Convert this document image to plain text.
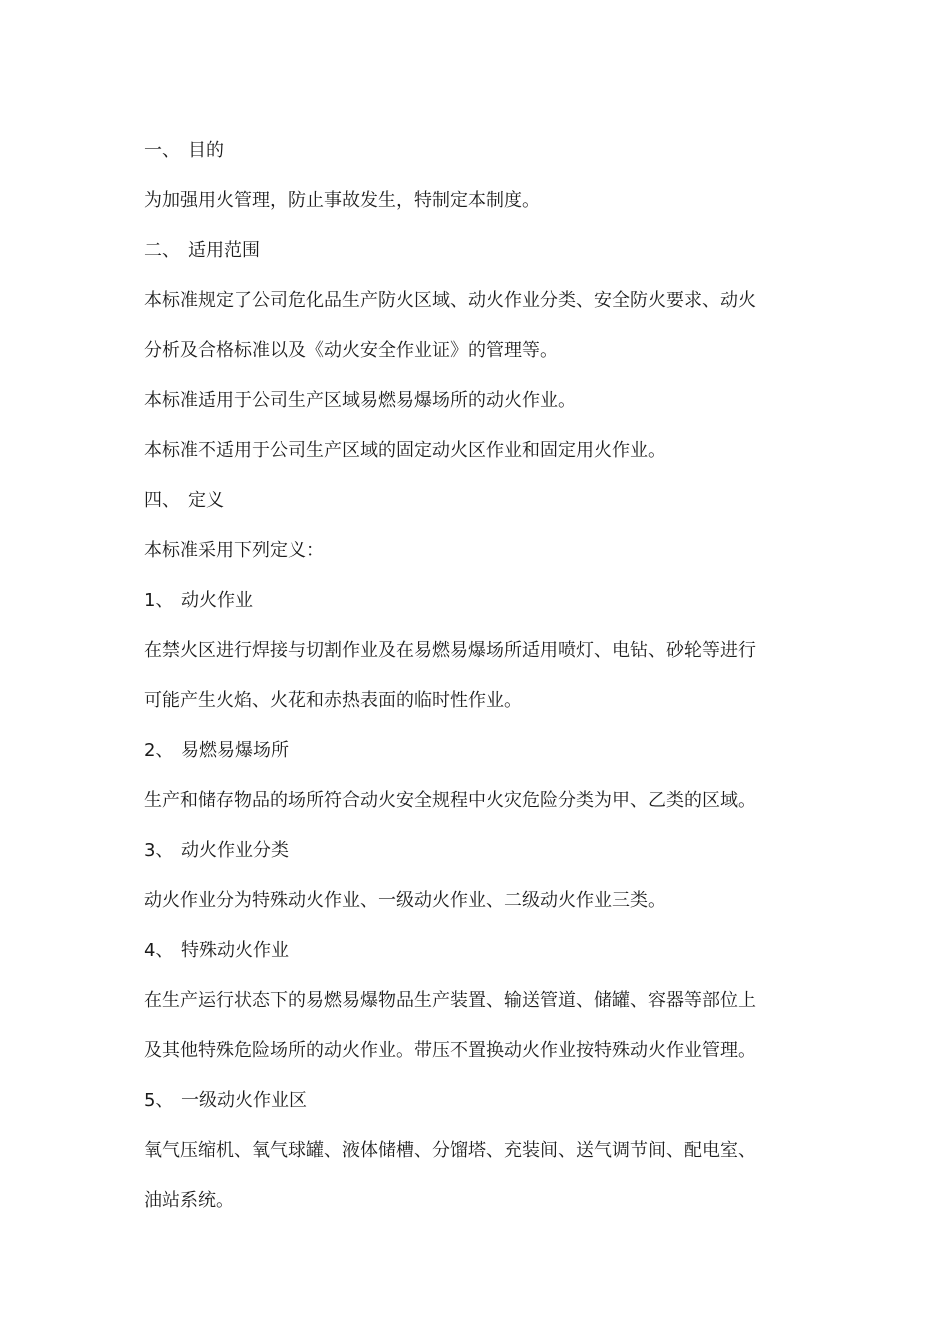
一、 目的
为加强用火管理，防止事故发生，特制定本制度。
二、 适用范围
本标准规定了公司危化品生产防火区域、动火作业分类、安全防火要求、动火
分析及合格标准以及《动火安全作业证》的管理等。
本标准适用于公司生产区域易燃易爆场所的动火作业。
本标准不适用于公司生产区域的固定动火区作业和固定用火作业。
四、 定义
本标准采用下列定义：
1、 动火作业
在禁火区进行焊接与切割作业及在易燃易爆场所适用喷灯、电钻、砂轮等进行
可能产生火焰、火花和赤热表面的临时性作业。
2、 易燃易爆场所
生产和储存物品的场所符合动火安全规程中火灾危险分类为甲、乙类的区域。
3、 动火作业分类
动火作业分为特殊动火作业、一级动火作业、二级动火作业三类。
4、 特殊动火作业
在生产运行状态下的易燃易爆物品生产装置、输送管道、储罐、容器等部位上
及其他特殊危险场所的动火作业。带压不置换动火作业按特殊动火作业管理。
5、 一级动火作业区
氧气压缩机、氧气球罐、液体储槽、分馏塔、充装间、送气调节间、配电室、
油站系统。
